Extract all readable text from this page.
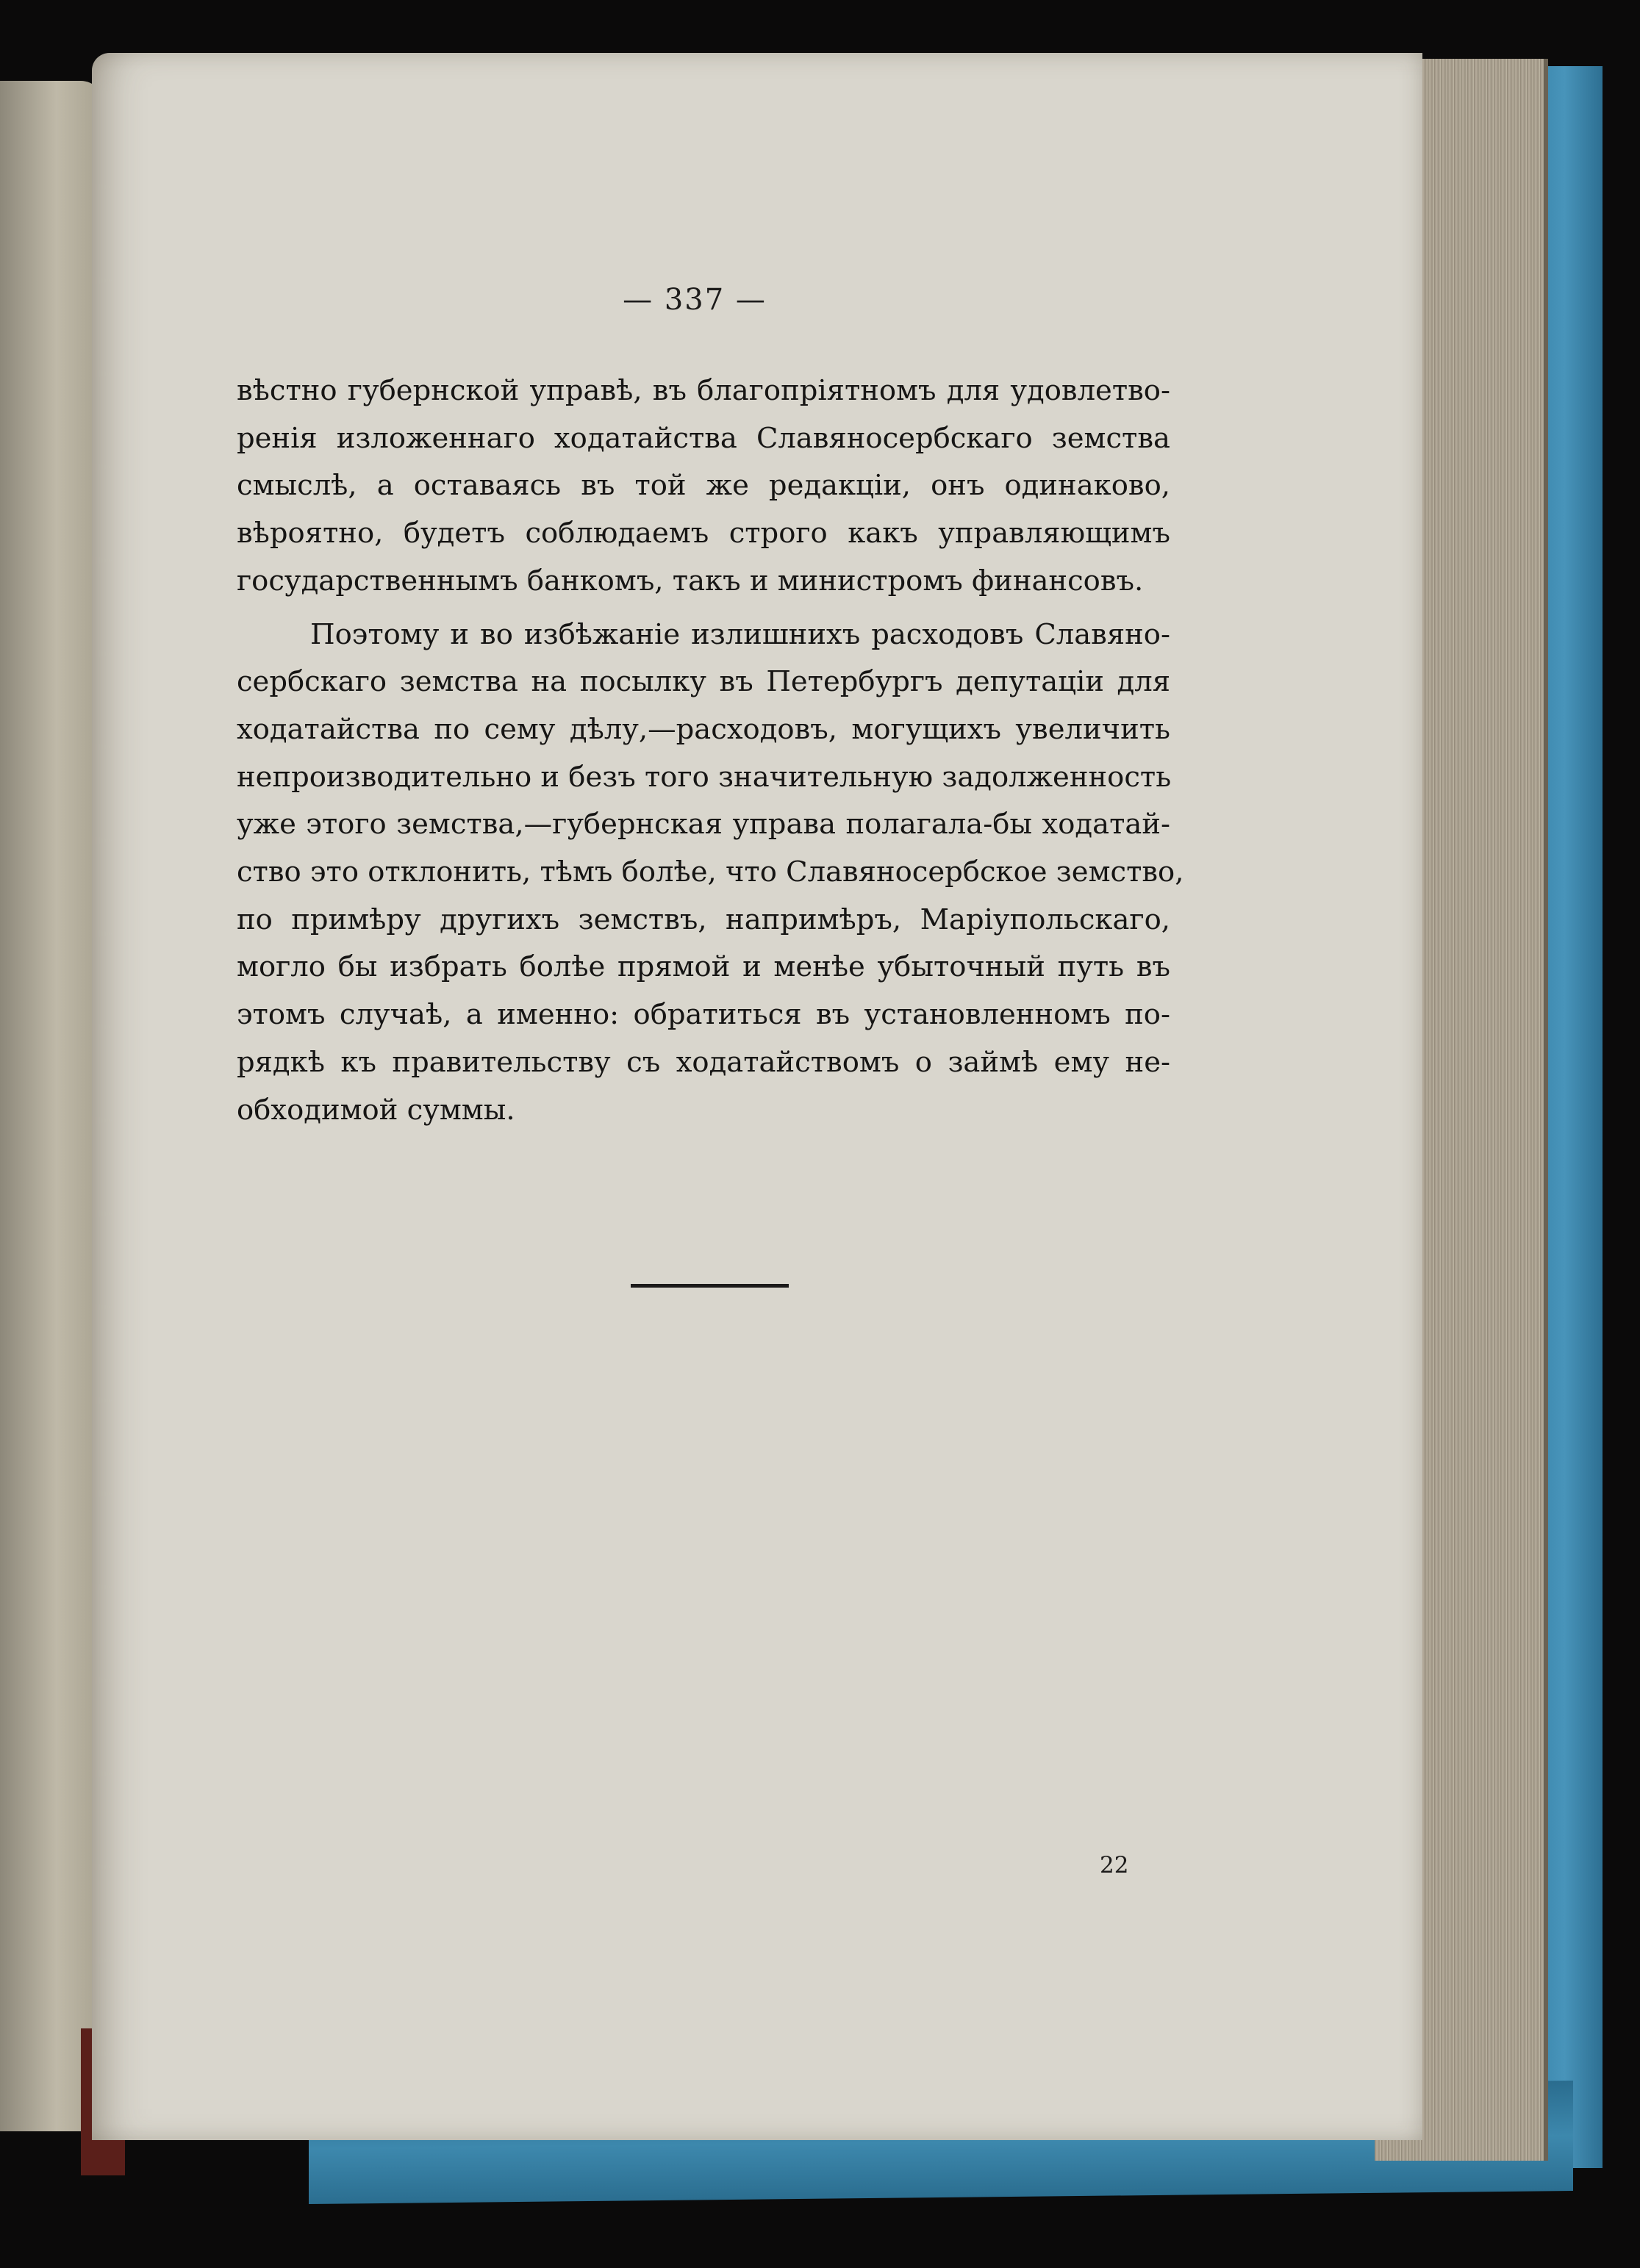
— 337 —
вѣстно губернской управѣ, въ благопріятномъ для удовлетво-
ренія изложеннаго ходатайства Славяносербскаго земства
смыслѣ, а оставаясь въ той же редакціи, онъ одинаково,
вѣроятно, будетъ соблюдаемъ строго какъ управляющимъ
государственнымъ банкомъ, такъ и министромъ финансовъ.
Поэтому и во избѣжаніе излишнихъ расходовъ Славяно-
сербскаго земства на посылку въ Петербургъ депутаціи для
ходатайства по сему дѣлу,—расходовъ, могущихъ увеличить
непроизводительно и безъ того значительную задолженность
уже этого земства,—губернская управа полагала-бы ходатай-
ство это отклонить, тѣмъ болѣе, что Славяносербское земство,
по примѣру другихъ земствъ, напримѣръ, Маріупольскаго,
могло бы избрать болѣе прямой и менѣе убыточный путь въ
этомъ случаѣ, а именно: обратиться въ установленномъ по-
рядкѣ къ правительству съ ходатайствомъ о займѣ ему не-
обходимой суммы.
22
